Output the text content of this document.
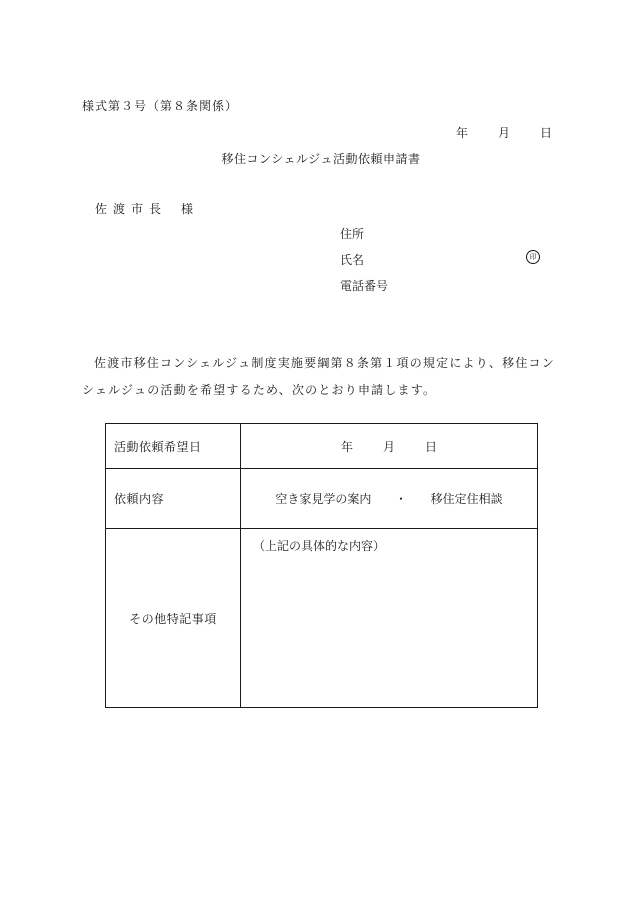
様式第３号（第８条関係）
年	月	日
移住コンシェルジュ活動依頼申請書
佐渡市長 様
住所
氏名	印
電話番号
佐渡市移住コンシェルジュ制度実施要綱第８条第１項の規定により、移住コンシェルジュの活動を希望するため、次のとおり申請します。
活動依頼希望日	年 月 日
依頼内容	空き家見学の案内 ・ 移住定住相談
その他特記事項	（上記の具体的な内容）
